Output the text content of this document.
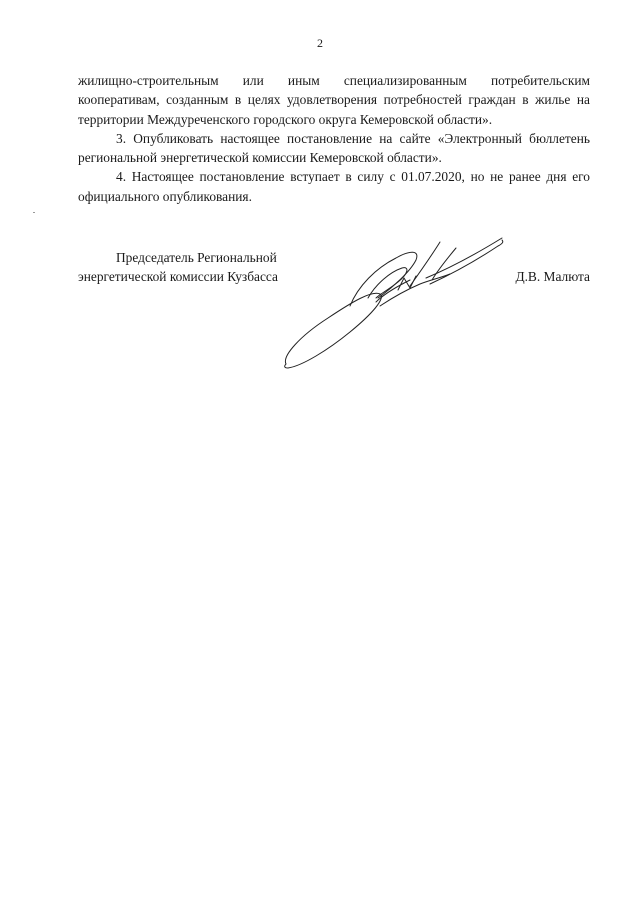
2

жилищно-строительным или иным специализированным потребительским кооперативам, созданным в целях удовлетворения потребностей граждан в жилье на территории Междуреченского городского округа Кемеровской области».

3. Опубликовать настоящее постановление на сайте «Электронный бюллетень региональной энергетической комиссии Кемеровской области».

4. Настоящее постановление вступает в силу с 01.07.2020, но не ранее дня его официального опубликования.

Председатель Региональной
энергетической комиссии Кузбасса	Д.В. Малюта
